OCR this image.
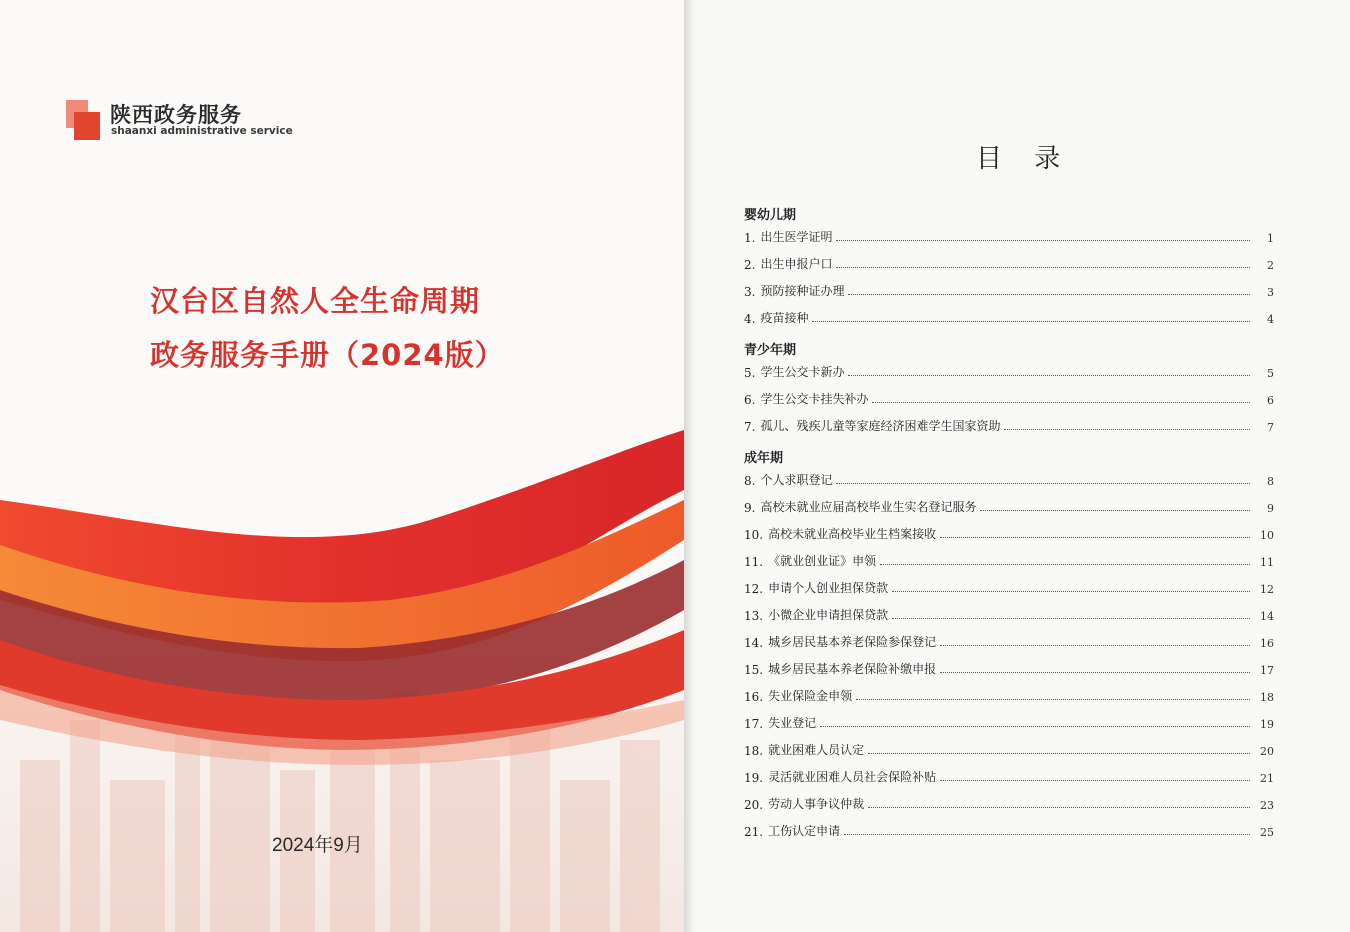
陕西政务服务
shaanxi administrative service
汉台区自然人全生命周期
政务服务手册（2024版）
2024年9月
目 录
婴幼儿期
1. 出生医学证明	1
2. 出生申报户口	2
3. 预防接种证办理	3
4. 疫苗接种	4
青少年期
5. 学生公交卡新办	5
6. 学生公交卡挂失补办	6
7. 孤儿、残疾儿童等家庭经济困难学生国家资助	7
成年期
8. 个人求职登记	8
9. 高校未就业应届高校毕业生实名登记服务	9
10. 高校未就业高校毕业生档案接收	10
11. 《就业创业证》申领	11
12. 申请个人创业担保贷款	12
13. 小微企业申请担保贷款	14
14. 城乡居民基本养老保险参保登记	16
15. 城乡居民基本养老保险补缴申报	17
16. 失业保险金申领	18
17. 失业登记	19
18. 就业困难人员认定	20
19. 灵活就业困难人员社会保险补贴	21
20. 劳动人事争议仲裁	23
21. 工伤认定申请	25
